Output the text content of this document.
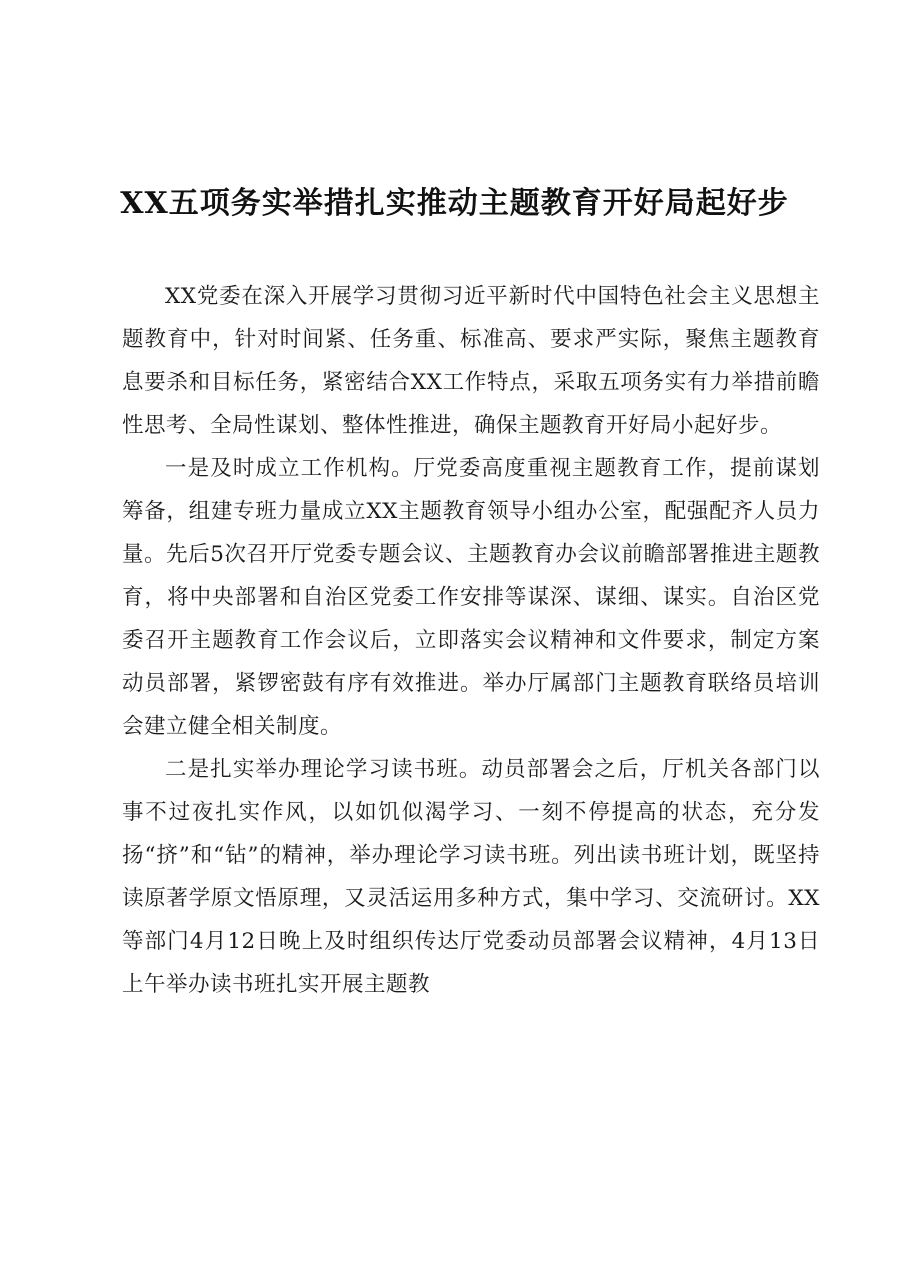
XX五项务实举措扎实推动主题教育开好局起好步

XX党委在深入开展学习贯彻习近平新时代中国特色社会主义思想主题教育中，针对时间紧、任务重、标准高、要求严实际，聚焦主题教育息要杀和目标任务，紧密结合XX工作特点，采取五项务实有力举措前瞻性思考、全局性谋划、整体性推进，确保主题教育开好局小起好步。

一是及时成立工作机构。厅党委高度重视主题教育工作，提前谋划筹备，组建专班力量成立XX主题教育领导小组办公室，配强配齐人员力量。先后5次召开厅党委专题会议、主题教育办会议前瞻部署推进主题教育，将中央部署和自治区党委工作安排等谋深、谋细、谋实。自治区党委召开主题教育工作会议后，立即落实会议精神和文件要求，制定方案动员部署，紧锣密鼓有序有效推进。举办厅属部门主题教育联络员培训会建立健全相关制度。

二是扎实举办理论学习读书班。动员部署会之后，厅机关各部门以事不过夜扎实作风，以如饥似渴学习、一刻不停提高的状态，充分发扬“挤”和“钻”的精神，举办理论学习读书班。列出读书班计划，既坚持读原著学原文悟原理，又灵活运用多种方式，集中学习、交流研讨。XX等部门4月12日晚上及时组织传达厅党委动员部署会议精神，4月13日上午举办读书班扎实开展主题教
